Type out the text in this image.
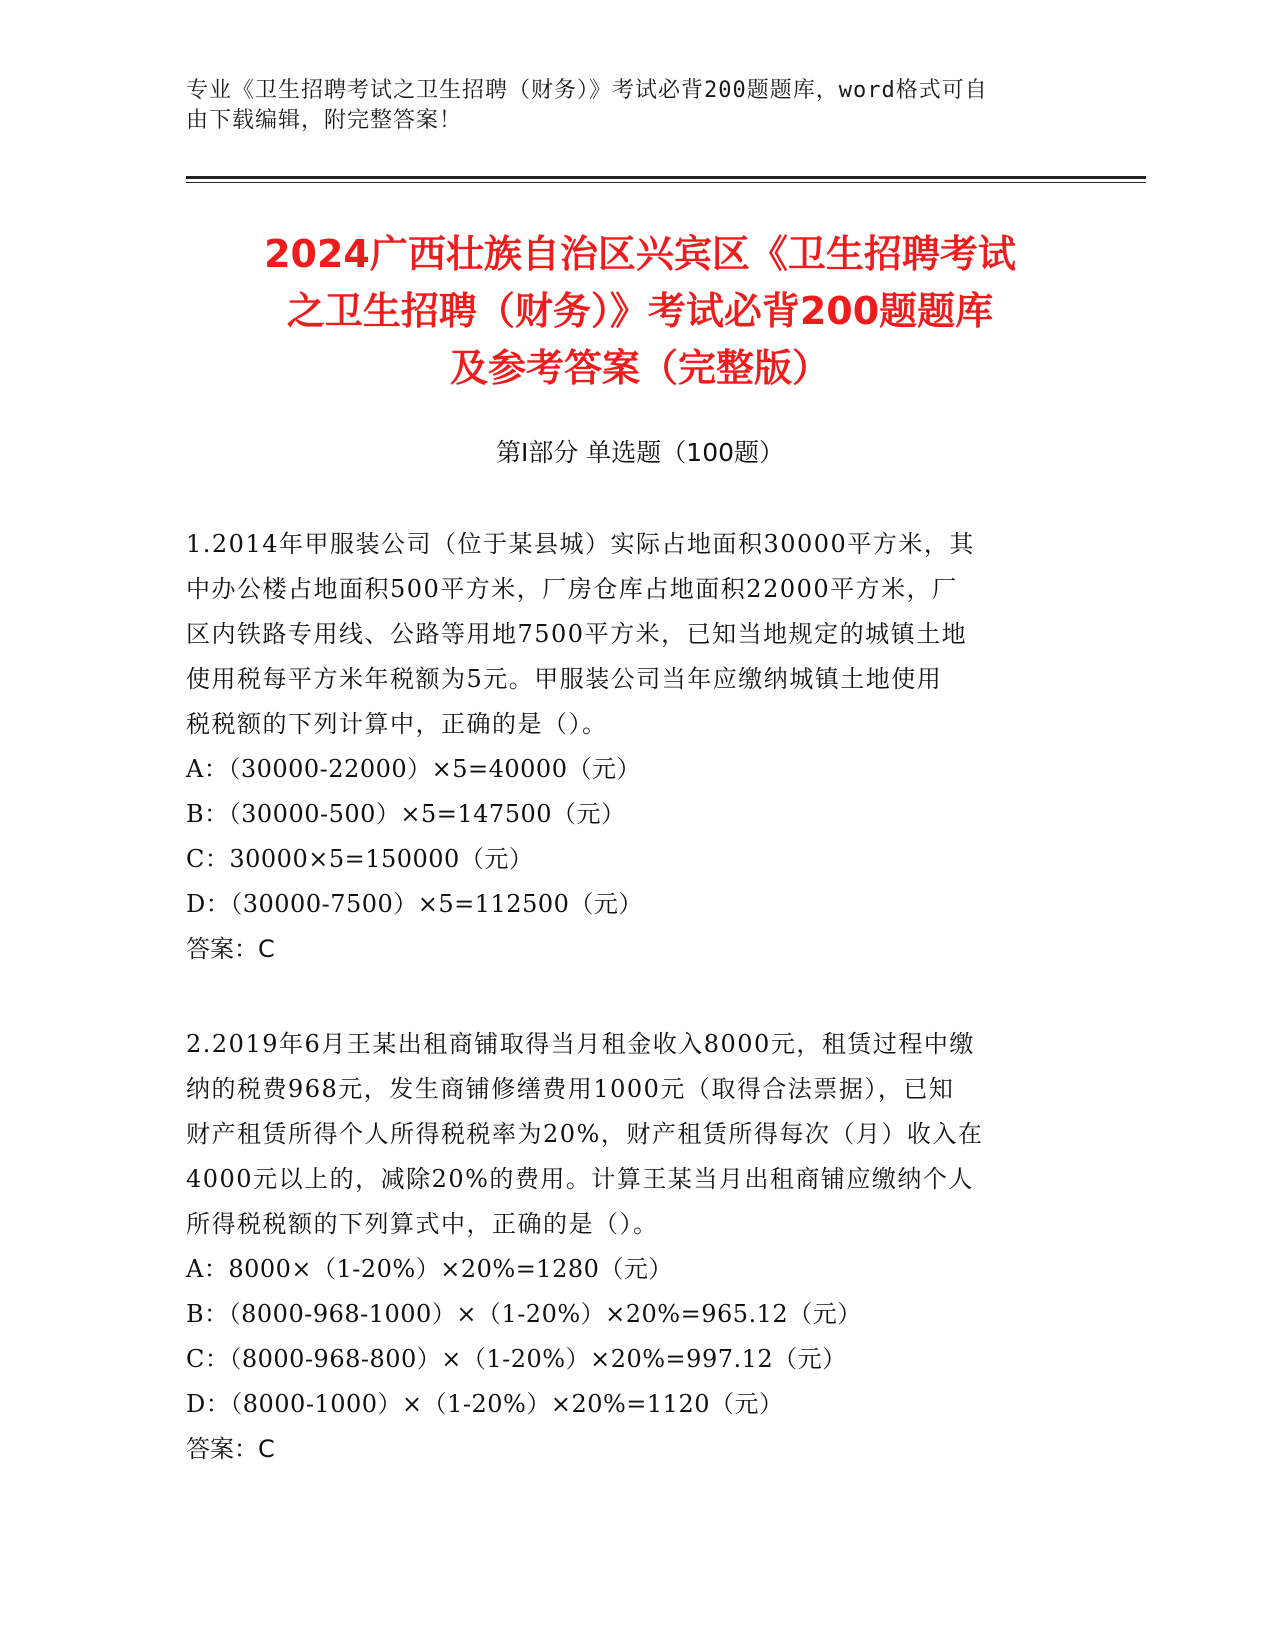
专业《卫生招聘考试之卫生招聘（财务）》考试必背200题题库，word格式可自
由下载编辑，附完整答案！
2024广西壮族自治区兴宾区《卫生招聘考试
之卫生招聘（财务）》考试必背200题题库
及参考答案（完整版）
第Ⅰ部分 单选题（100题）
1.2014年甲服装公司（位于某县城）实际占地面积30000平方米，其
中办公楼占地面积500平方米，厂房仓库占地面积22000平方米，厂
区内铁路专用线、公路等用地7500平方米，已知当地规定的城镇土地
使用税每平方米年税额为5元。甲服装公司当年应缴纳城镇土地使用
税税额的下列计算中，正确的是（）。
A：（30000-22000）×5=40000（元）
B：（30000-500）×5=147500（元）
C：30000×5=150000（元）
D：（30000-7500）×5=112500（元）
答案：C
2.2019年6月王某出租商铺取得当月租金收入8000元，租赁过程中缴
纳的税费968元，发生商铺修缮费用1000元（取得合法票据），已知
财产租赁所得个人所得税税率为20%，财产租赁所得每次（月）收入在
4000元以上的，减除20%的费用。计算王某当月出租商铺应缴纳个人
所得税税额的下列算式中，正确的是（）。
A：8000×（1-20%）×20%=1280（元）
B：（8000-968-1000）×（1-20%）×20%=965.12（元）
C：（8000-968-800）×（1-20%）×20%=997.12（元）
D：（8000-1000）×（1-20%）×20%=1120（元）
答案：C
